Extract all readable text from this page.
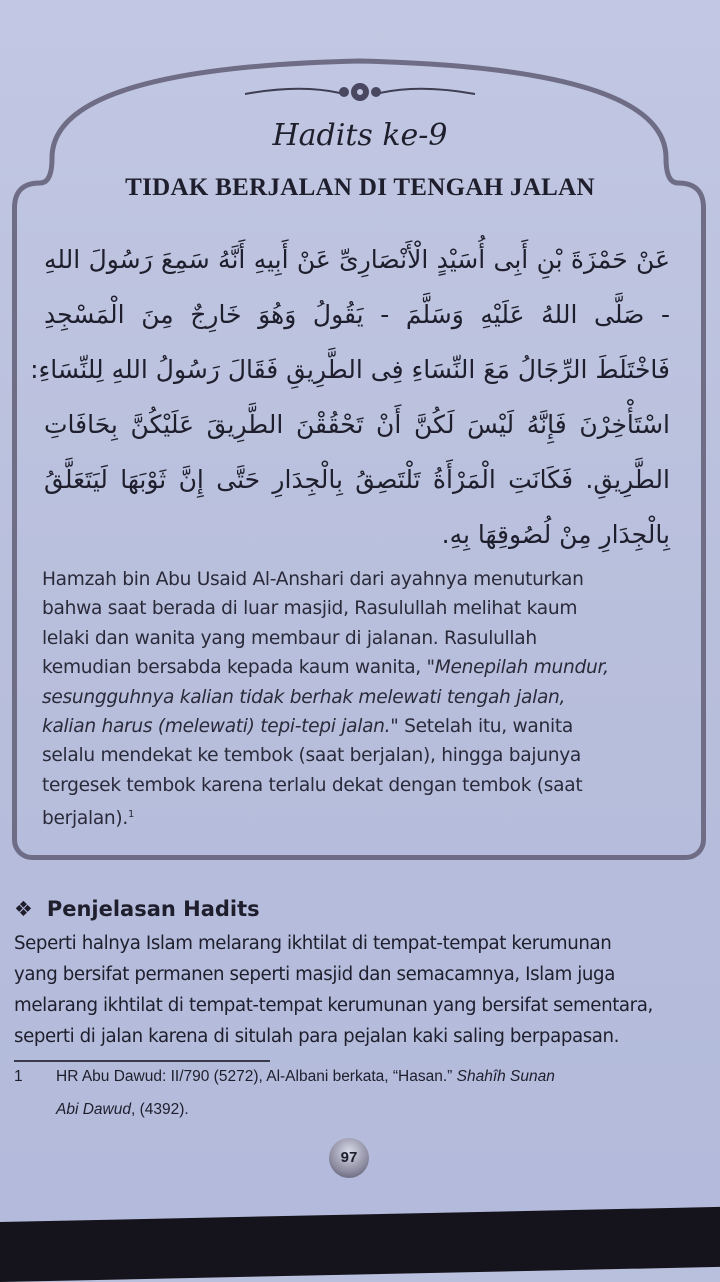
Hadits ke-9
TIDAK BERJALAN DI TENGAH JALAN
عَنْ حَمْزَةَ بْنِ أَبِى أُسَيْدٍ الْأَنْصَارِىِّ عَنْ أَبِيهِ أَنَّهُ سَمِعَ رَسُولَ اللهِ
- صَلَّى اللهُ عَلَيْهِ وَسَلَّمَ - يَقُولُ وَهُوَ خَارِجٌ مِنَ الْمَسْجِدِ
فَاخْتَلَطَ الرِّجَالُ مَعَ النِّسَاءِ فِى الطَّرِيقِ فَقَالَ رَسُولُ اللهِ لِلنِّسَاءِ:
اسْتَأْخِرْنَ فَإِنَّهُ لَيْسَ لَكُنَّ أَنْ تَحْقُقْنَ الطَّرِيقَ عَلَيْكُنَّ بِحَافَاتِ
الطَّرِيقِ. فَكَانَتِ الْمَرْأَةُ تَلْتَصِقُ بِالْجِدَارِ حَتَّى إِنَّ ثَوْبَهَا لَيَتَعَلَّقُ
بِالْجِدَارِ مِنْ لُصُوقِهَا بِهِ.
Hamzah bin Abu Usaid Al-Anshari dari ayahnya menuturkan
bahwa saat berada di luar masjid, Rasulullah melihat kaum
lelaki dan wanita yang membaur di jalanan. Rasulullah
kemudian bersabda kepada kaum wanita, "Menepilah mundur,
sesungguhnya kalian tidak berhak melewati tengah jalan,
kalian harus (melewati) tepi-tepi jalan." Setelah itu, wanita
selalu mendekat ke tembok (saat berjalan), hingga bajunya
tergesek tembok karena terlalu dekat dengan tembok (saat
berjalan).$^1$
❖ Penjelasan Hadits
Seperti halnya Islam melarang ikhtilat di tempat-tempat kerumunan
yang bersifat permanen seperti masjid dan semacamnya, Islam juga
melarang ikhtilat di tempat-tempat kerumunan yang bersifat sementara,
seperti di jalan karena di situlah para pejalan kaki saling berpapasan.
1 HR Abu Dawud: II/790 (5272), Al-Albani berkata, “Hasan.” Shahîh Sunan
Abi Dawud, (4392).
97
